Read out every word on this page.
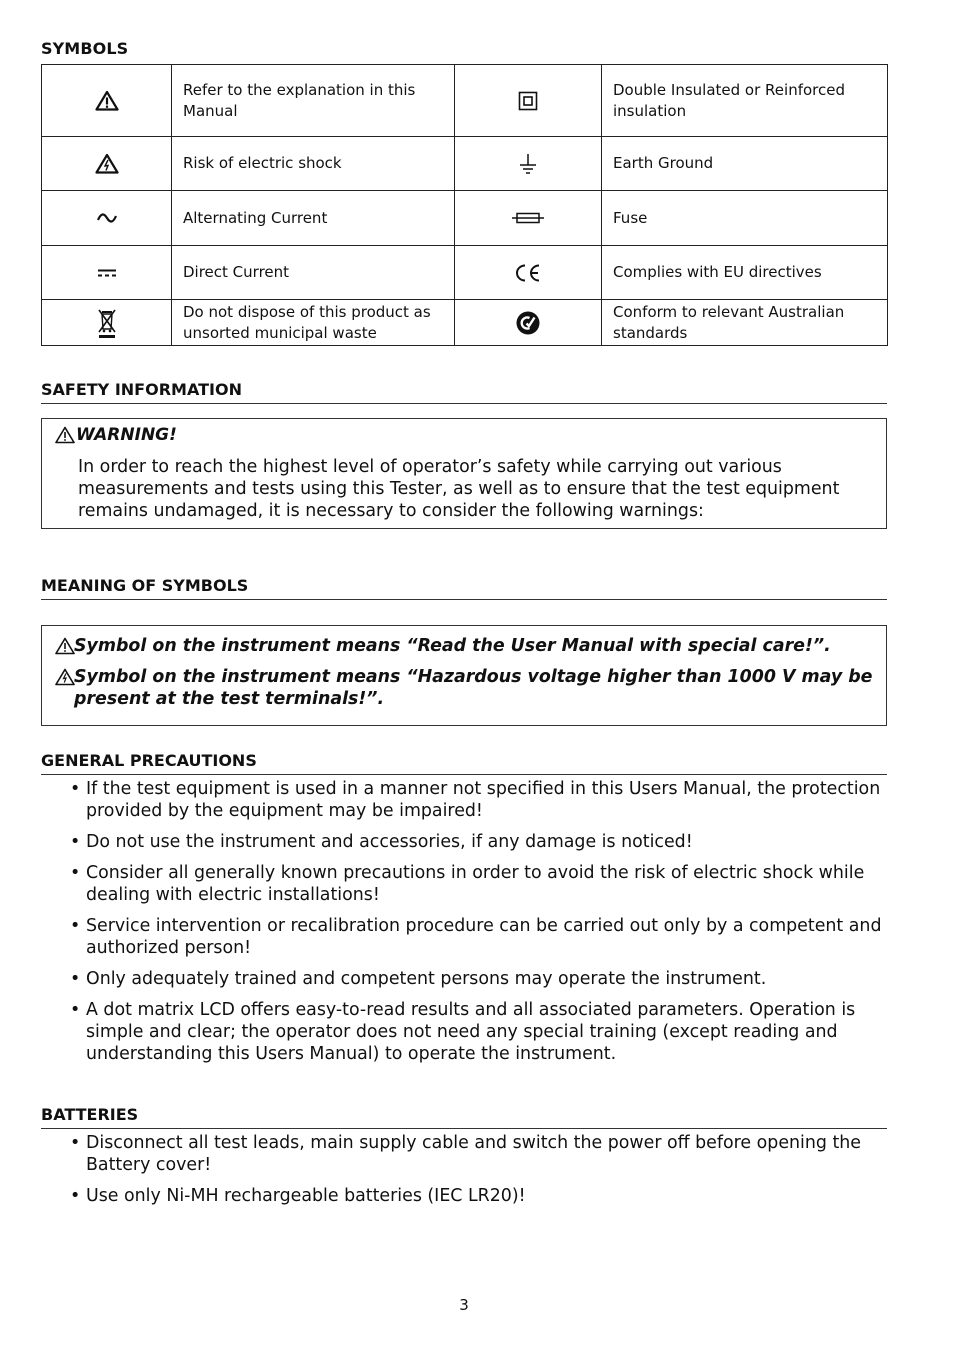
SYMBOLS
	Refer to the explanation in this Manual		Double Insulated or Reinforced insulation
	Risk of electric shock		Earth Ground
	Alternating Current		Fuse
	Direct Current		Complies with EU directives
	Do not dispose of this product as unsorted municipal waste		Conform to relevant Australian standards
SAFETY INFORMATION
WARNING!
In order to reach the highest level of operator’s safety while carrying out various measurements and tests using this Tester, as well as to ensure that the test equipment remains undamaged, it is necessary to consider the following warnings:
MEANING OF SYMBOLS
Symbol on the instrument means “Read the User Manual with special care!”.
Symbol on the instrument means “Hazardous voltage higher than 1000 V may be present at the test terminals!”.
GENERAL PRECAUTIONS
• If the test equipment is used in a manner not specified in this Users Manual, the protection provided by the equipment may be impaired!
• Do not use the instrument and accessories, if any damage is noticed!
• Consider all generally known precautions in order to avoid the risk of electric shock while dealing with electric installations!
• Service intervention or recalibration procedure can be carried out only by a competent and authorized person!
• Only adequately trained and competent persons may operate the instrument.
• A dot matrix LCD offers easy-to-read results and all associated parameters. Operation is simple and clear; the operator does not need any special training (except reading and understanding this Users Manual) to operate the instrument.
BATTERIES
• Disconnect all test leads, main supply cable and switch the power off before opening the Battery cover!
• Use only Ni-MH rechargeable batteries (IEC LR20)!
3
